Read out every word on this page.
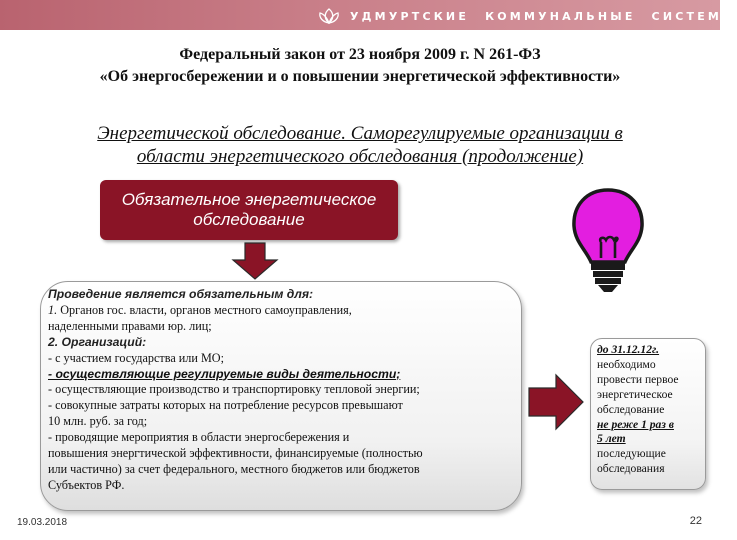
УДМУРТСКИЕ КОММУНАЛЬНЫЕ СИСТЕМЫ
Федеральный закон от 23 ноября 2009 г. N 261-ФЗ
«Об энергосбережении и о повышении энергетической эффективности»
Энергетической обследование. Саморегулируемые организации в
области энергетического обследования (продолжение)
Обязательное энергетическое обследование
Проведение является обязательным для:
1. Органов гос. власти, органов местного самоуправления,
наделенными правами юр. лиц;
2. Организаций:
- с участием государства или МО;
- осуществляющие регулируемые виды деятельности;
- осуществляющие производство и транспортировку тепловой энергии;
- совокупные затраты которых на потребление ресурсов превышают
10 млн. руб. за год;
- проводящие мероприятия в области энергосбережения и
повышения энергтической эффективности, финансируемые (полностью
или частично) за счет федерального, местного бюджетов или бюджетов
Субъектов РФ.
до 31.12.12г.
необходимо
провести первое
энергетическое
обследование
не реже 1 раз в
5 лет
последующие
обследования
19.03.2018	22
